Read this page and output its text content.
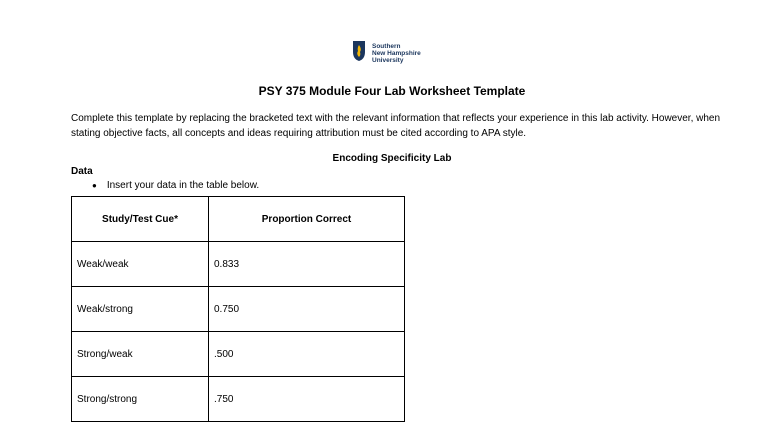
Southern
New Hampshire
University
PSY 375 Module Four Lab Worksheet Template

Complete this template by replacing the bracketed text with the relevant information that reflects your experience in this lab activity. However, when stating objective facts, all concepts and ideas requiring attribution must be cited according to APA style.

Encoding Specificity Lab
Data
● Insert your data in the table below.
Study/Test Cue*	Proportion Correct
Weak/weak	0.833
Weak/strong	0.750
Strong/weak	.500
Strong/strong	.750
